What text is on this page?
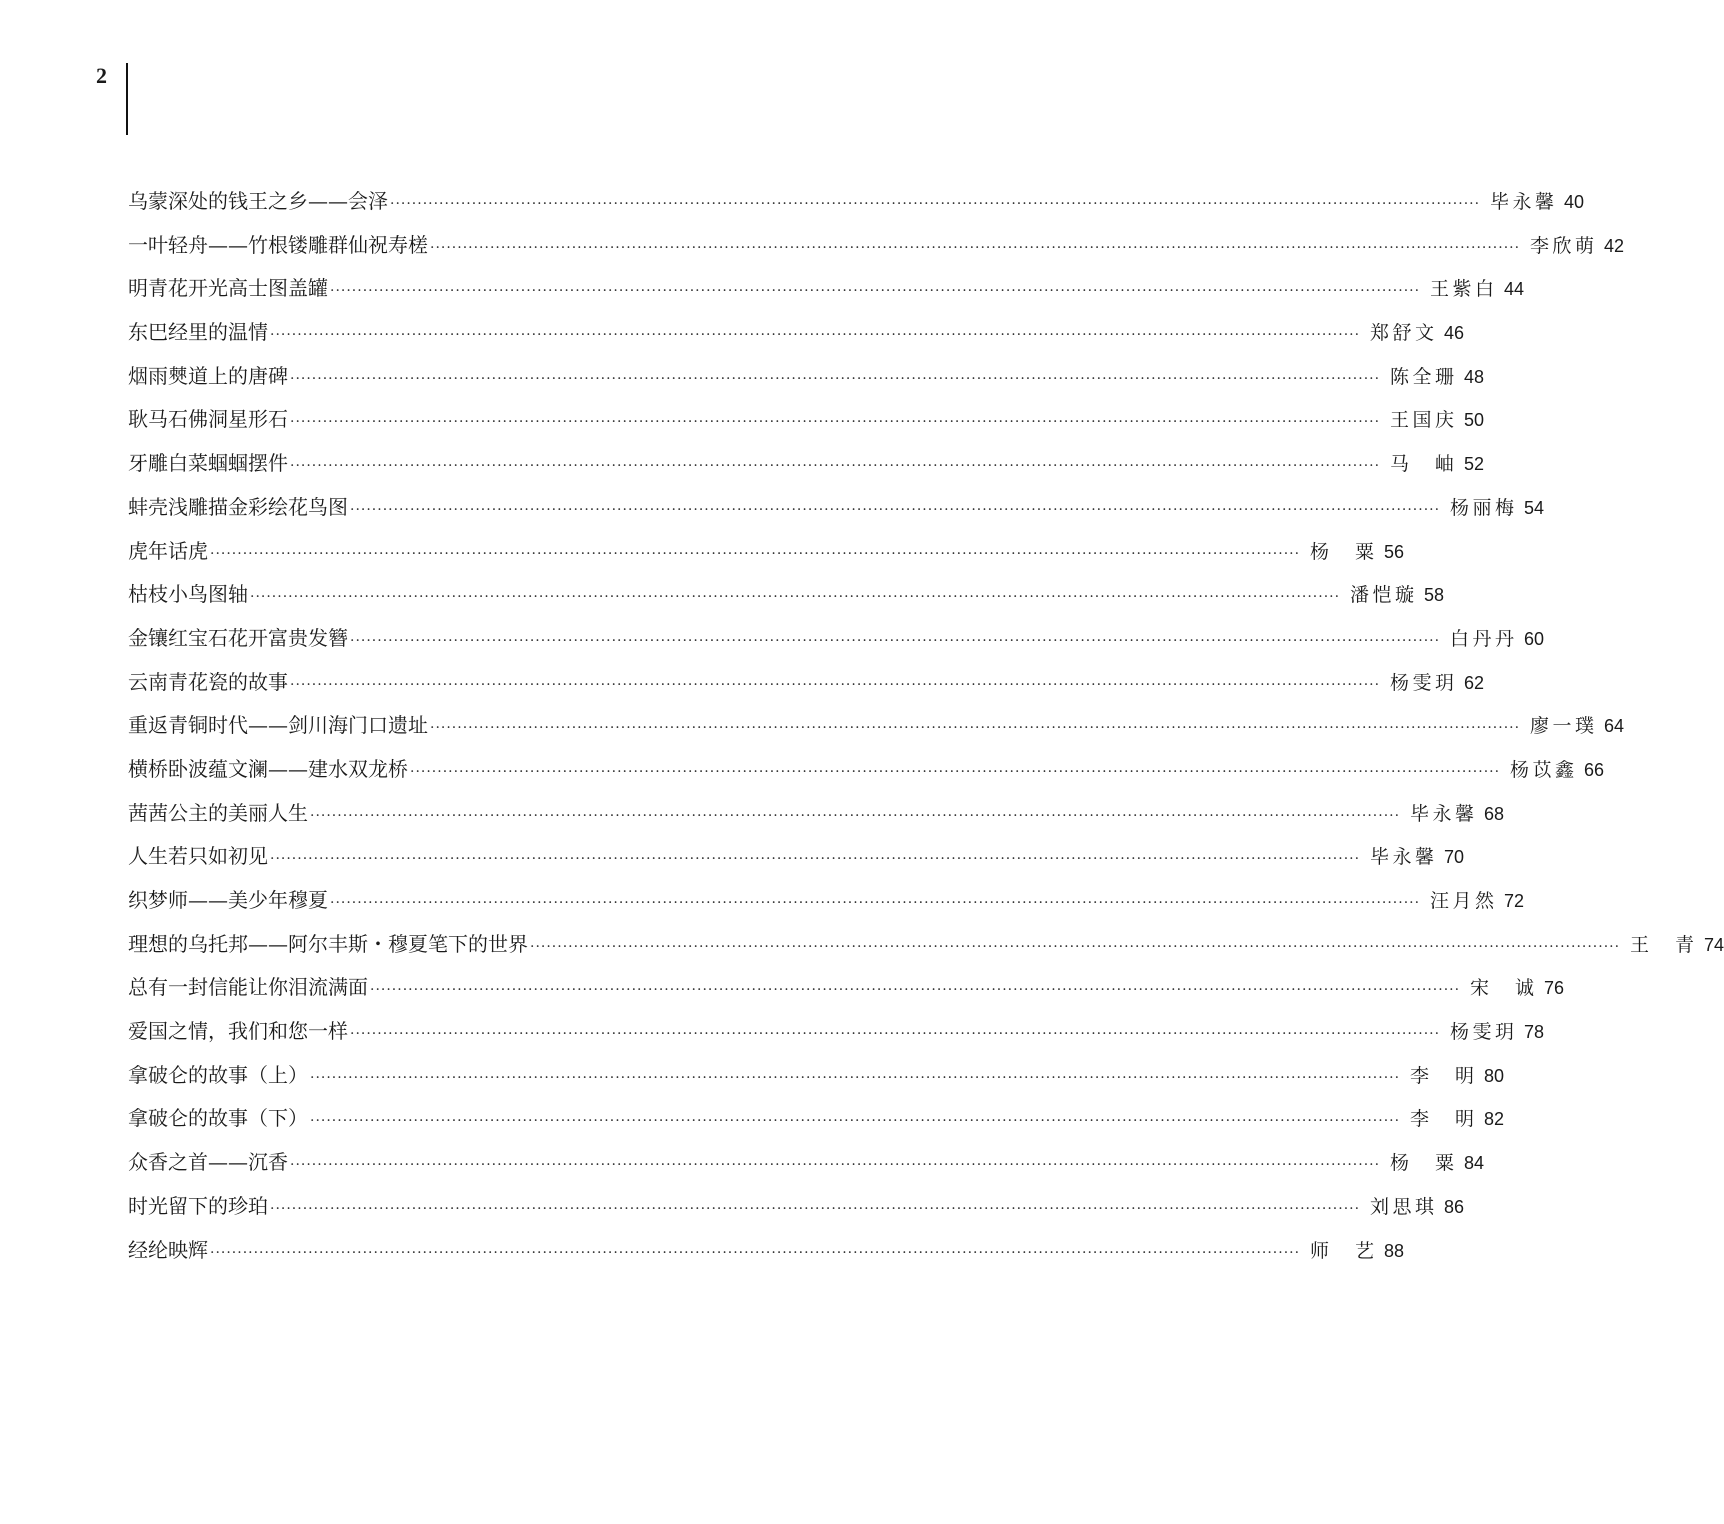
2
乌蒙深处的钱王之乡——会泽 ········································································································································································································ 毕 永 馨 40
一叶轻舟——竹根镂雕群仙祝寿槎 ········································································································································································································ 李 欣 萌 42
明青花开光高士图盖罐 ········································································································································································································ 王 紫 白 44
东巴经里的温情 ········································································································································································································ 郑 舒 文 46
烟雨僰道上的唐碑 ········································································································································································································ 陈 全 珊 48
耿马石佛洞星形石 ········································································································································································································ 王 国 庆 50
牙雕白菜蝈蝈摆件 ········································································································································································································ 马 岫 52
蚌壳浅雕描金彩绘花鸟图 ········································································································································································································ 杨 丽 梅 54
虎年话虎 ········································································································································································································ 杨 粟 56
枯枝小鸟图轴 ········································································································································································································ 潘 恺 璇 58
金镶红宝石花开富贵发簪 ········································································································································································································ 白 丹 丹 60
云南青花瓷的故事 ········································································································································································································ 杨 雯 玥 62
重返青铜时代——剑川海门口遗址 ········································································································································································································ 廖 一 璞 64
横桥卧波蕴文澜——建水双龙桥 ········································································································································································································ 杨 苡 鑫 66
茜茜公主的美丽人生 ········································································································································································································ 毕 永 馨 68
人生若只如初见 ········································································································································································································ 毕 永 馨 70
织梦师——美少年穆夏 ········································································································································································································ 汪 月 然 72
理想的乌托邦——阿尔丰斯・穆夏笔下的世界 ········································································································································································································ 王 青 74
总有一封信能让你泪流满面 ········································································································································································································ 宋 诚 76
爱国之情，我们和您一样 ········································································································································································································ 杨 雯 玥 78
拿破仑的故事（上） ········································································································································································································ 李 明 80
拿破仑的故事（下） ········································································································································································································ 李 明 82
众香之首——沉香 ········································································································································································································ 杨 粟 84
时光留下的珍珀 ········································································································································································································ 刘 思 琪 86
经纶映辉 ········································································································································································································ 师 艺 88
